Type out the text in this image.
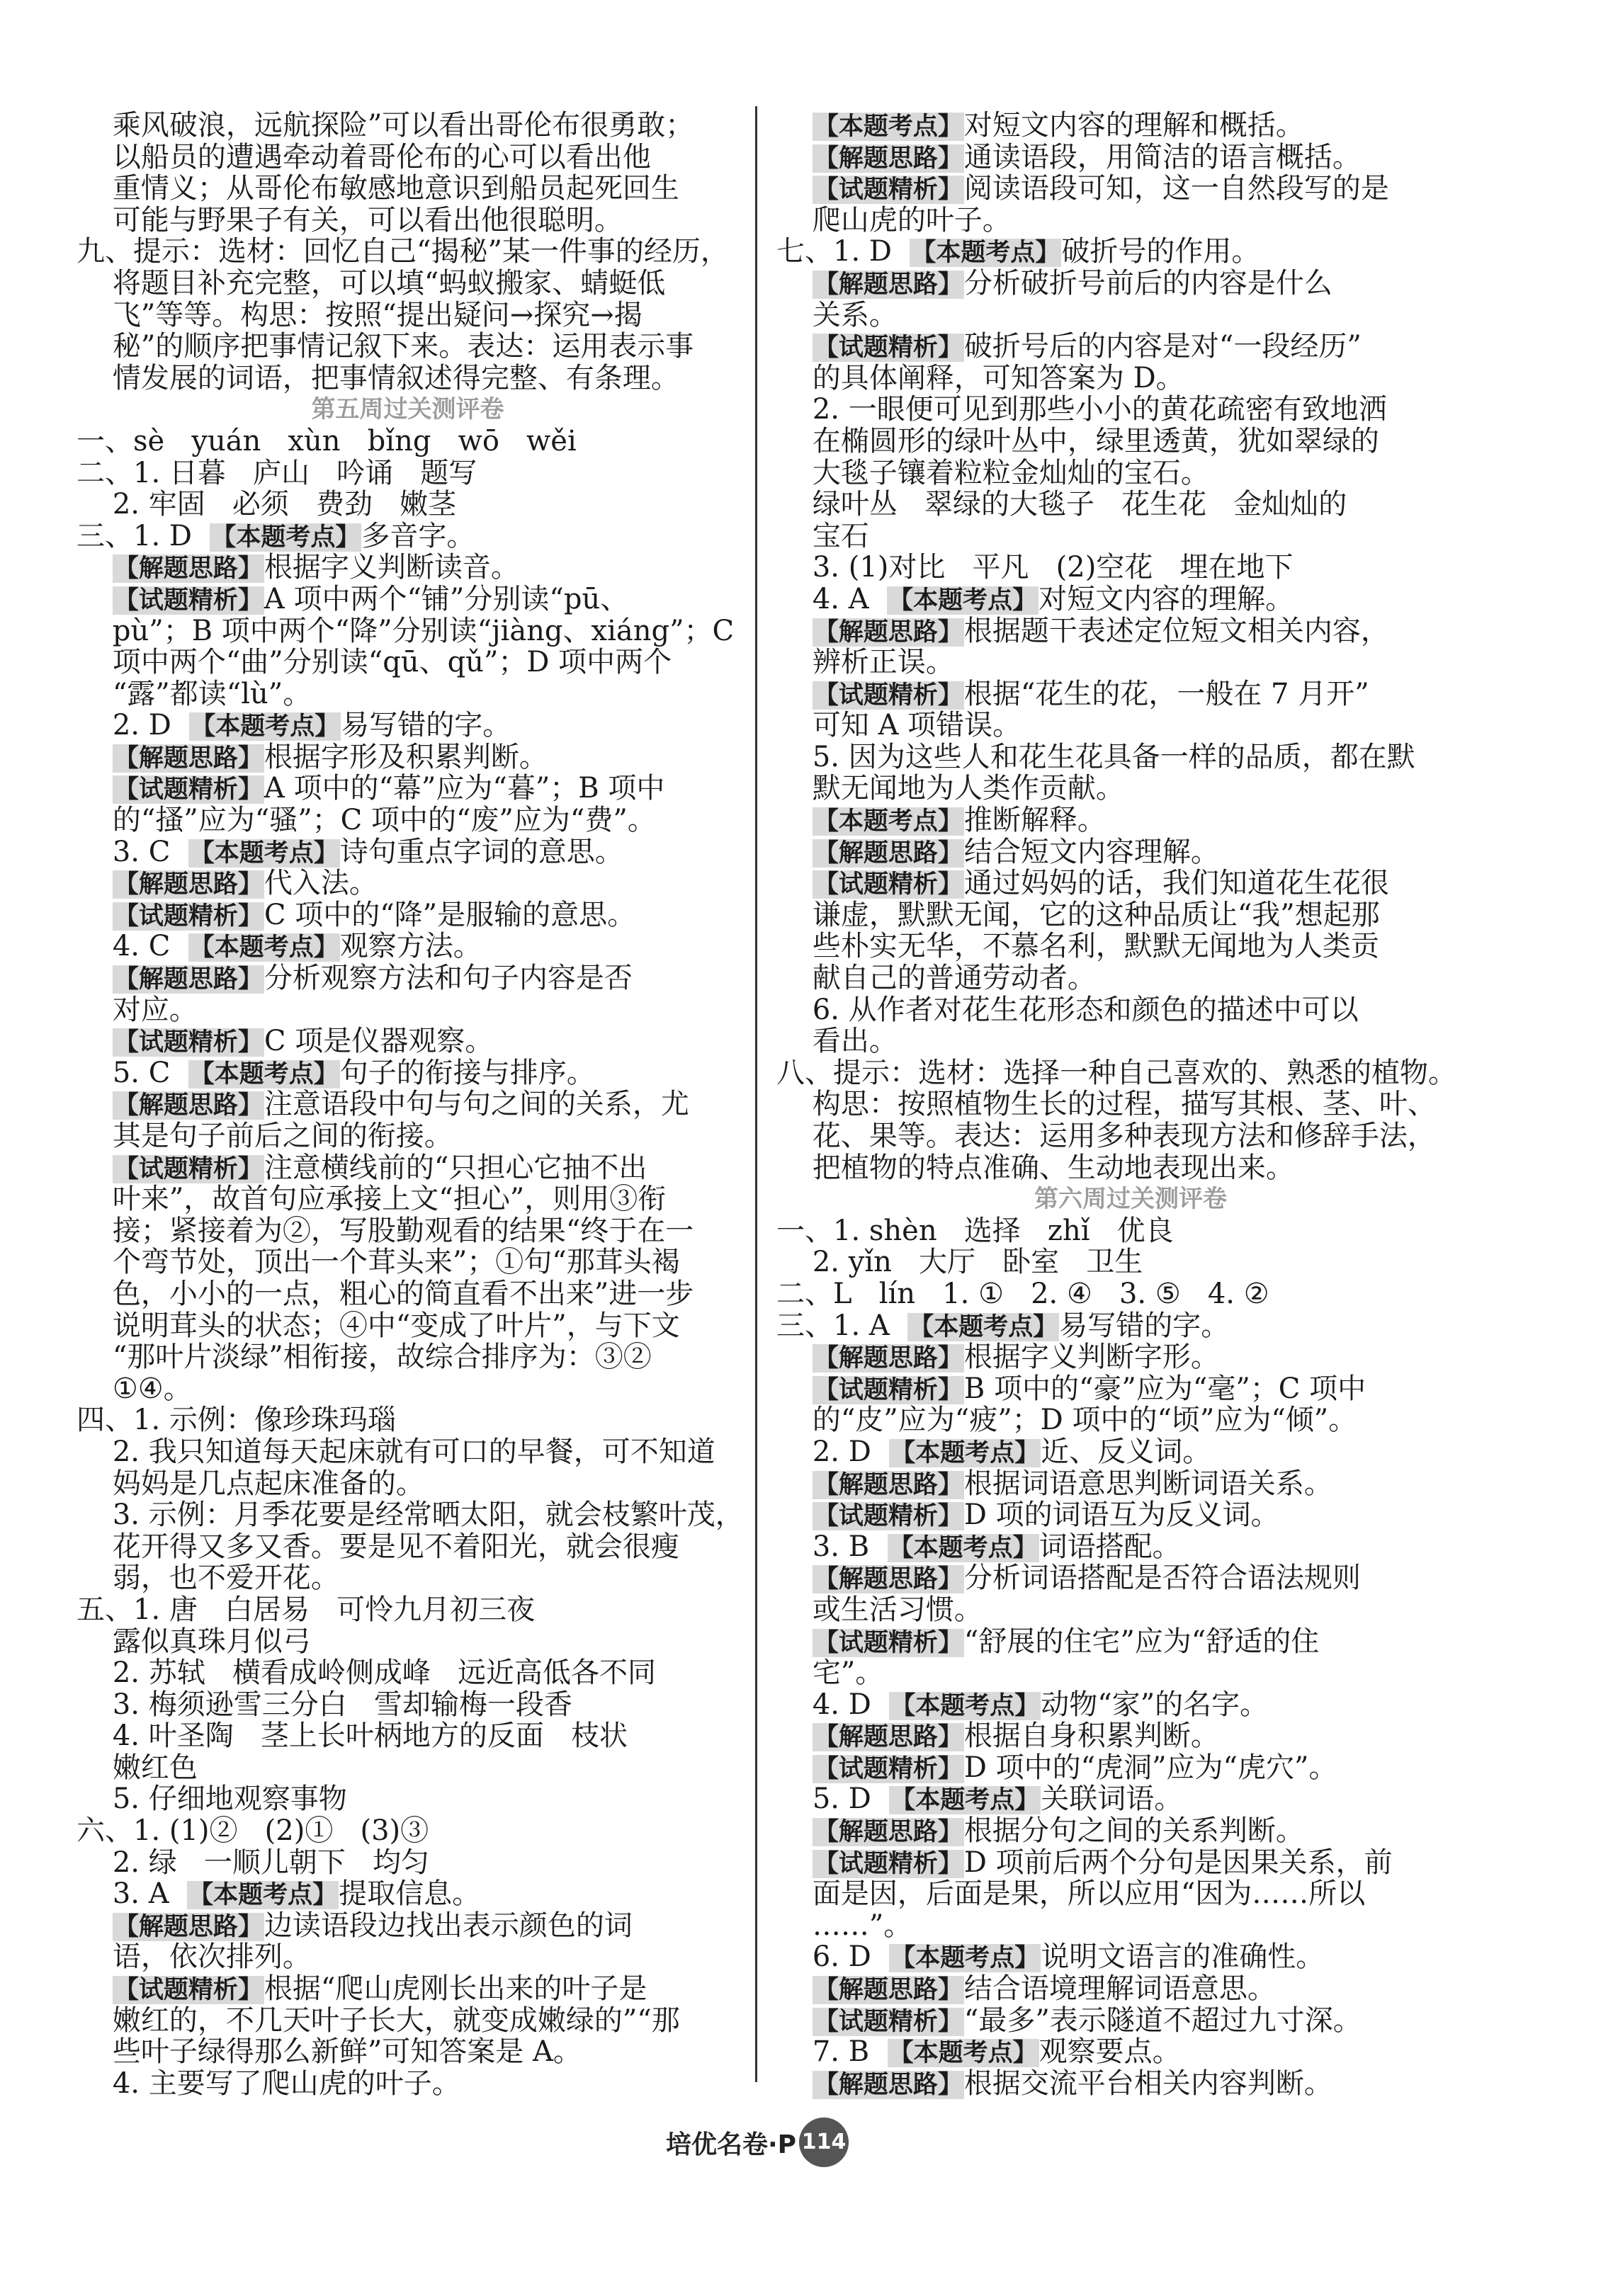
乘风破浪，远航探险”可以看出哥伦布很勇敢；
以船员的遭遇牵动着哥伦布的心可以看出他
重情义；从哥伦布敏感地意识到船员起死回生
可能与野果子有关，可以看出他很聪明。
九、提示：选材：回忆自己“揭秘”某一件事的经历，
将题目补充完整，可以填“蚂蚁搬家、蜻蜓低
飞”等等。构思：按照“提出疑问→探究→揭
秘”的顺序把事情记叙下来。表达：运用表示事
情发展的词语，把事情叙述得完整、有条理。
第五周过关测评卷
一、sè   yuán   xùn   bǐng   wō   wěi
二、1. 日暮   庐山   吟诵   题写
2. 牢固   必须   费劲   嫩茎
三、1. D  【本题考点】多音字。
【解题思路】根据字义判断读音。
【试题精析】A 项中两个“铺”分别读“pū、
pù”；B 项中两个“降”分别读“jiàng、xiáng”；C
项中两个“曲”分别读“qū、qǔ”；D 项中两个
“露”都读“lù”。
2. D  【本题考点】易写错的字。
【解题思路】根据字形及积累判断。
【试题精析】A 项中的“幕”应为“暮”；B 项中
的“搔”应为“骚”；C 项中的“废”应为“费”。
3. C  【本题考点】诗句重点字词的意思。
【解题思路】代入法。
【试题精析】C 项中的“降”是服输的意思。
4. C  【本题考点】观察方法。
【解题思路】分析观察方法和句子内容是否
对应。
【试题精析】C 项是仪器观察。
5. C  【本题考点】句子的衔接与排序。
【解题思路】注意语段中句与句之间的关系，尤
其是句子前后之间的衔接。
【试题精析】注意横线前的“只担心它抽不出
叶来”，故首句应承接上文“担心”，则用③衔
接；紧接着为②，写股勤观看的结果“终于在一
个弯节处，顶出一个茸头来”；①句“那茸头褐
色，小小的一点，粗心的简直看不出来”进一步
说明茸头的状态；④中“变成了叶片”，与下文
“那叶片淡绿”相衔接，故综合排序为：③②
①④。
四、1. 示例：像珍珠玛瑙
2. 我只知道每天起床就有可口的早餐，可不知道
妈妈是几点起床准备的。
3. 示例：月季花要是经常晒太阳，就会枝繁叶茂，
花开得又多又香。要是见不着阳光，就会很瘦
弱，也不爱开花。
五、1. 唐   白居易   可怜九月初三夜
露似真珠月似弓
2. 苏轼   横看成岭侧成峰   远近高低各不同
3. 梅须逊雪三分白   雪却输梅一段香
4. 叶圣陶   茎上长叶柄地方的反面   枝状
嫩红色
5. 仔细地观察事物
六、1. (1)②   (2)①   (3)③
2. 绿   一顺儿朝下   均匀
3. A  【本题考点】提取信息。
【解题思路】边读语段边找出表示颜色的词
语，依次排列。
【试题精析】根据“爬山虎刚长出来的叶子是
嫩红的，不几天叶子长大，就变成嫩绿的”“那
些叶子绿得那么新鲜”可知答案是 A。
4. 主要写了爬山虎的叶子。
【本题考点】对短文内容的理解和概括。
【解题思路】通读语段，用简洁的语言概括。
【试题精析】阅读语段可知，这一自然段写的是
爬山虎的叶子。
七、1. D  【本题考点】破折号的作用。
【解题思路】分析破折号前后的内容是什么
关系。
【试题精析】破折号后的内容是对“一段经历”
的具体阐释，可知答案为 D。
2. 一眼便可见到那些小小的黄花疏密有致地洒
在椭圆形的绿叶丛中，绿里透黄，犹如翠绿的
大毯子镶着粒粒金灿灿的宝石。
绿叶丛   翠绿的大毯子   花生花   金灿灿的
宝石
3. (1)对比   平凡   (2)空花   埋在地下
4. A  【本题考点】对短文内容的理解。
【解题思路】根据题干表述定位短文相关内容，
辨析正误。
【试题精析】根据“花生的花，一般在 7 月开”
可知 A 项错误。
5. 因为这些人和花生花具备一样的品质，都在默
默无闻地为人类作贡献。
【本题考点】推断解释。
【解题思路】结合短文内容理解。
【试题精析】通过妈妈的话，我们知道花生花很
谦虚，默默无闻，它的这种品质让“我”想起那
些朴实无华，不慕名利，默默无闻地为人类贡
献自己的普通劳动者。
6. 从作者对花生花形态和颜色的描述中可以
看出。
八、提示：选材：选择一种自己喜欢的、熟悉的植物。
构思：按照植物生长的过程，描写其根、茎、叶、
花、果等。表达：运用多种表现方法和修辞手法，
把植物的特点准确、生动地表现出来。
第六周过关测评卷
一、1. shèn   选择   zhǐ   优良
2. yǐn   大厅   卧室   卫生
二、L   lín   1. ①   2. ④   3. ⑤   4. ②
三、1. A  【本题考点】易写错的字。
【解题思路】根据字义判断字形。
【试题精析】B 项中的“豪”应为“毫”；C 项中
的“皮”应为“疲”；D 项中的“顷”应为“倾”。
2. D  【本题考点】近、反义词。
【解题思路】根据词语意思判断词语关系。
【试题精析】D 项的词语互为反义词。
3. B  【本题考点】词语搭配。
【解题思路】分析词语搭配是否符合语法规则
或生活习惯。
【试题精析】“舒展的住宅”应为“舒适的住
宅”。
4. D  【本题考点】动物“家”的名字。
【解题思路】根据自身积累判断。
【试题精析】D 项中的“虎洞”应为“虎穴”。
5. D  【本题考点】关联词语。
【解题思路】根据分句之间的关系判断。
【试题精析】D 项前后两个分句是因果关系，前
面是因，后面是果，所以应用“因为……所以
……”。
6. D  【本题考点】说明文语言的准确性。
【解题思路】结合语境理解词语意思。
【试题精析】“最多”表示隧道不超过九寸深。
7. B  【本题考点】观察要点。
【解题思路】根据交流平台相关内容判断。
培优名卷·P 114
